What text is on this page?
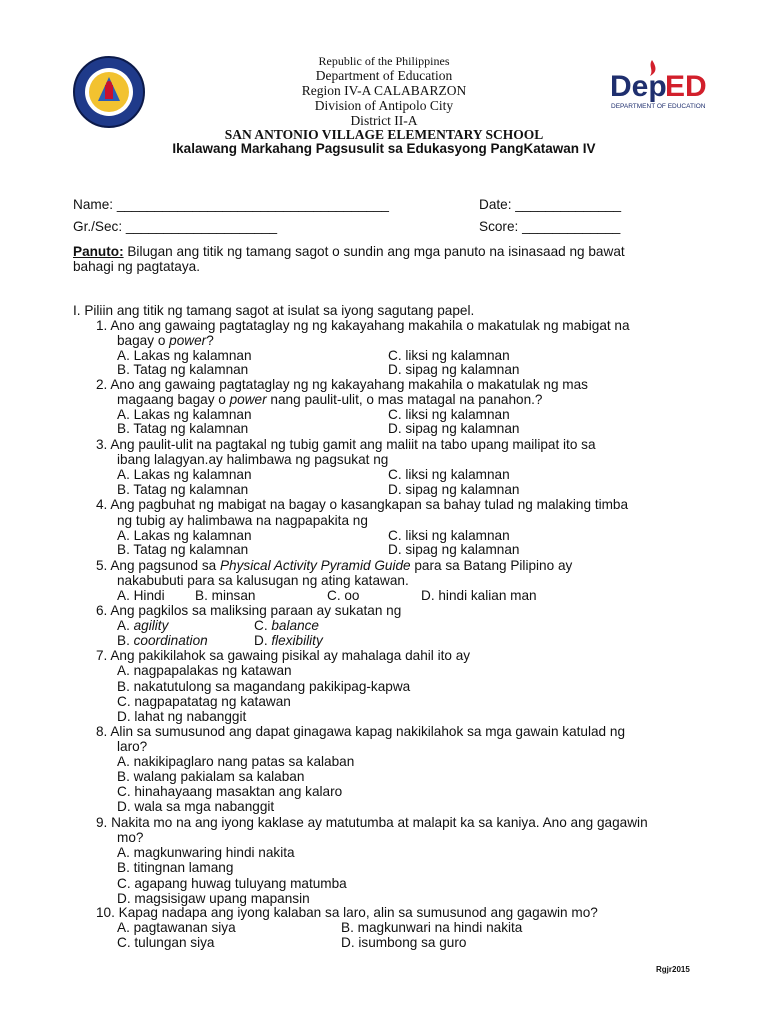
Dep
ED
DEPARTMENT OF EDUCATION
Republic of the Philippines
Department of Education
Region IV-A CALABARZON
Division of Antipolo City
District II-A
SAN ANTONIO VILLAGE ELEMENTARY SCHOOL
Ikalawang Markahang Pagsusulit sa Edukasyong PangKatawan IV
Name: ____________________________________	Date: ______________
Gr./Sec: ____________________	Score: _____________
Panuto: Bilugan ang titik ng tamang sagot o sundin ang mga panuto na isinasaad ng bawat
bahagi ng pagtataya.
I. Piliin ang titik ng tamang sagot at isulat sa iyong sagutang papel.
1. Ano ang gawaing pagtataglay ng ng kakayahang makahila o makatulak ng mabigat na
bagay o power?
A. Lakas ng kalamnan	C. liksi ng kalamnan
B. Tatag ng kalamnan	D. sipag ng kalamnan
2. Ano ang gawaing pagtataglay ng ng kakayahang makahila o makatulak ng mas
magaang bagay o power nang paulit-ulit, o mas matagal na panahon.?
A. Lakas ng kalamnan	C. liksi ng kalamnan
B. Tatag ng kalamnan	D. sipag ng kalamnan
3. Ang paulit-ulit na pagtakal ng tubig gamit ang maliit na tabo upang mailipat ito sa
ibang lalagyan.ay halimbawa ng pagsukat ng
A. Lakas ng kalamnan	C. liksi ng kalamnan
B. Tatag ng kalamnan	D. sipag ng kalamnan
4. Ang pagbuhat ng mabigat na bagay o kasangkapan sa bahay tulad ng malaking timba
ng tubig ay halimbawa na nagpapakita ng
A. Lakas ng kalamnan	C. liksi ng kalamnan
B. Tatag ng kalamnan	D. sipag ng kalamnan
5. Ang pagsunod sa Physical Activity Pyramid Guide para sa Batang Pilipino ay
nakabubuti para sa kalusugan ng ating katawan.
A. Hindi B. minsan	C. oo	D. hindi kalian man
6. Ang pagkilos sa maliksing paraan ay sukatan ng
A. agility	C. balance
B. coordination	D. flexibility
7. Ang pakikilahok sa gawaing pisikal ay mahalaga dahil ito ay
A. nagpapalakas ng katawan
B. nakatutulong sa magandang pakikipag-kapwa
C. nagpapatatag ng katawan
D. lahat ng nabanggit
8. Alin sa sumusunod ang dapat ginagawa kapag nakikilahok sa mga gawain katulad ng
laro?
A. nakikipaglaro nang patas sa kalaban
B. walang pakialam sa kalaban
C. hinahayaang masaktan ang kalaro
D. wala sa mga nabanggit
9. Nakita mo na ang iyong kaklase ay matutumba at malapit ka sa kaniya. Ano ang gagawin
mo?
A. magkunwaring hindi nakita
B. titingnan lamang
C. agapang huwag tuluyang matumba
D. magsisigaw upang mapansin
10. Kapag nadapa ang iyong kalaban sa laro, alin sa sumusunod ang gagawin mo?
A. pagtawanan siya	B. magkunwari na hindi nakita
C. tulungan siya	D. isumbong sa guro
Rgjr2015
